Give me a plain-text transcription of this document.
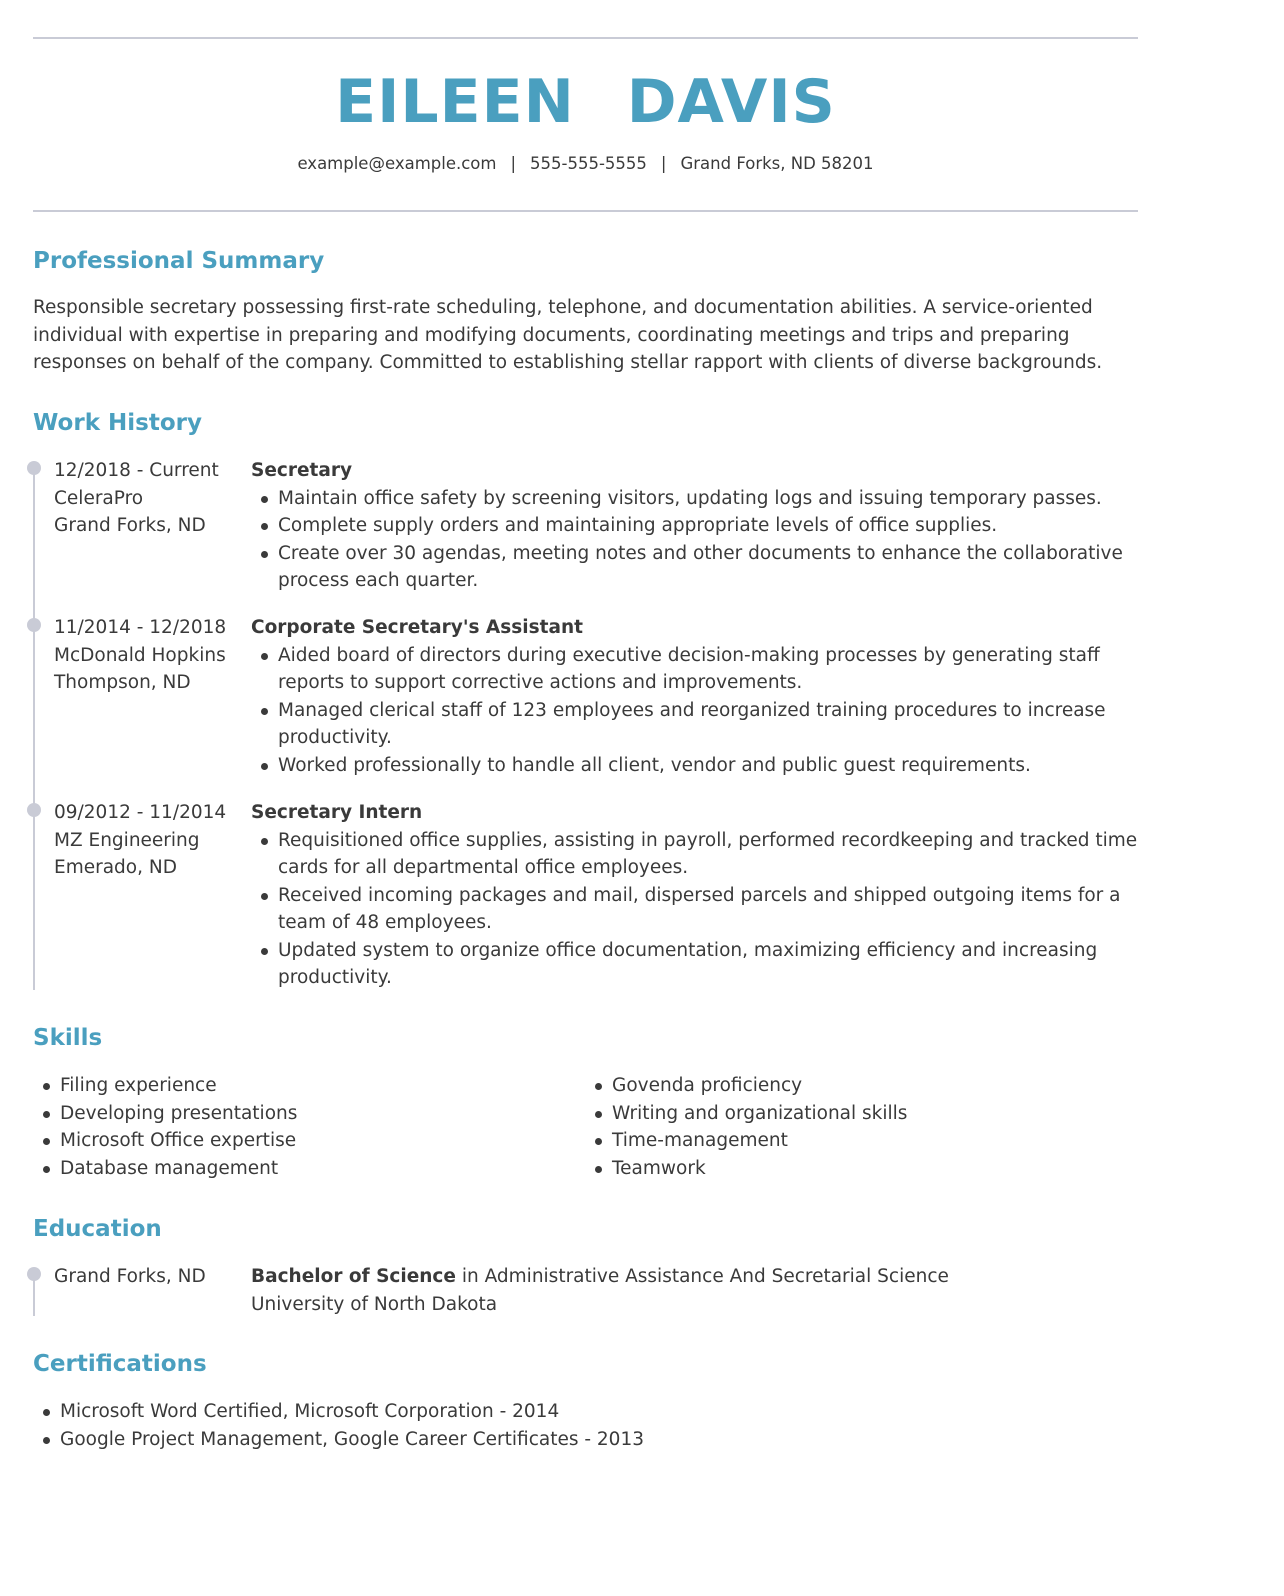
EILEEN DAVIS
example@example.com | 555-555-5555 | Grand Forks, ND 58201
Professional Summary
Responsible secretary possessing first-rate scheduling, telephone, and documentation abilities. A service-oriented individual with expertise in preparing and modifying documents, coordinating meetings and trips and preparing responses on behalf of the company. Committed to establishing stellar rapport with clients of diverse backgrounds.
Work History
12/2018 - Current
CeleraPro
Grand Forks, ND
Secretary
Maintain office safety by screening visitors, updating logs and issuing temporary passes.
Complete supply orders and maintaining appropriate levels of office supplies.
Create over 30 agendas, meeting notes and other documents to enhance the collaborative process each quarter.
11/2014 - 12/2018
McDonald Hopkins
Thompson, ND
Corporate Secretary's Assistant
Aided board of directors during executive decision-making processes by generating staff reports to support corrective actions and improvements.
Managed clerical staff of 123 employees and reorganized training procedures to increase productivity.
Worked professionally to handle all client, vendor and public guest requirements.
09/2012 - 11/2014
MZ Engineering
Emerado, ND
Secretary Intern
Requisitioned office supplies, assisting in payroll, performed recordkeeping and tracked time cards for all departmental office employees.
Received incoming packages and mail, dispersed parcels and shipped outgoing items for a team of 48 employees.
Updated system to organize office documentation, maximizing efficiency and increasing productivity.
Skills
Filing experience
Developing presentations
Microsoft Office expertise
Database management
Govenda proficiency
Writing and organizational skills
Time-management
Teamwork
Education
Grand Forks, ND	Bachelor of Science in Administrative Assistance And Secretarial Science
University of North Dakota
Certifications
Microsoft Word Certified, Microsoft Corporation - 2014
Google Project Management, Google Career Certificates - 2013
